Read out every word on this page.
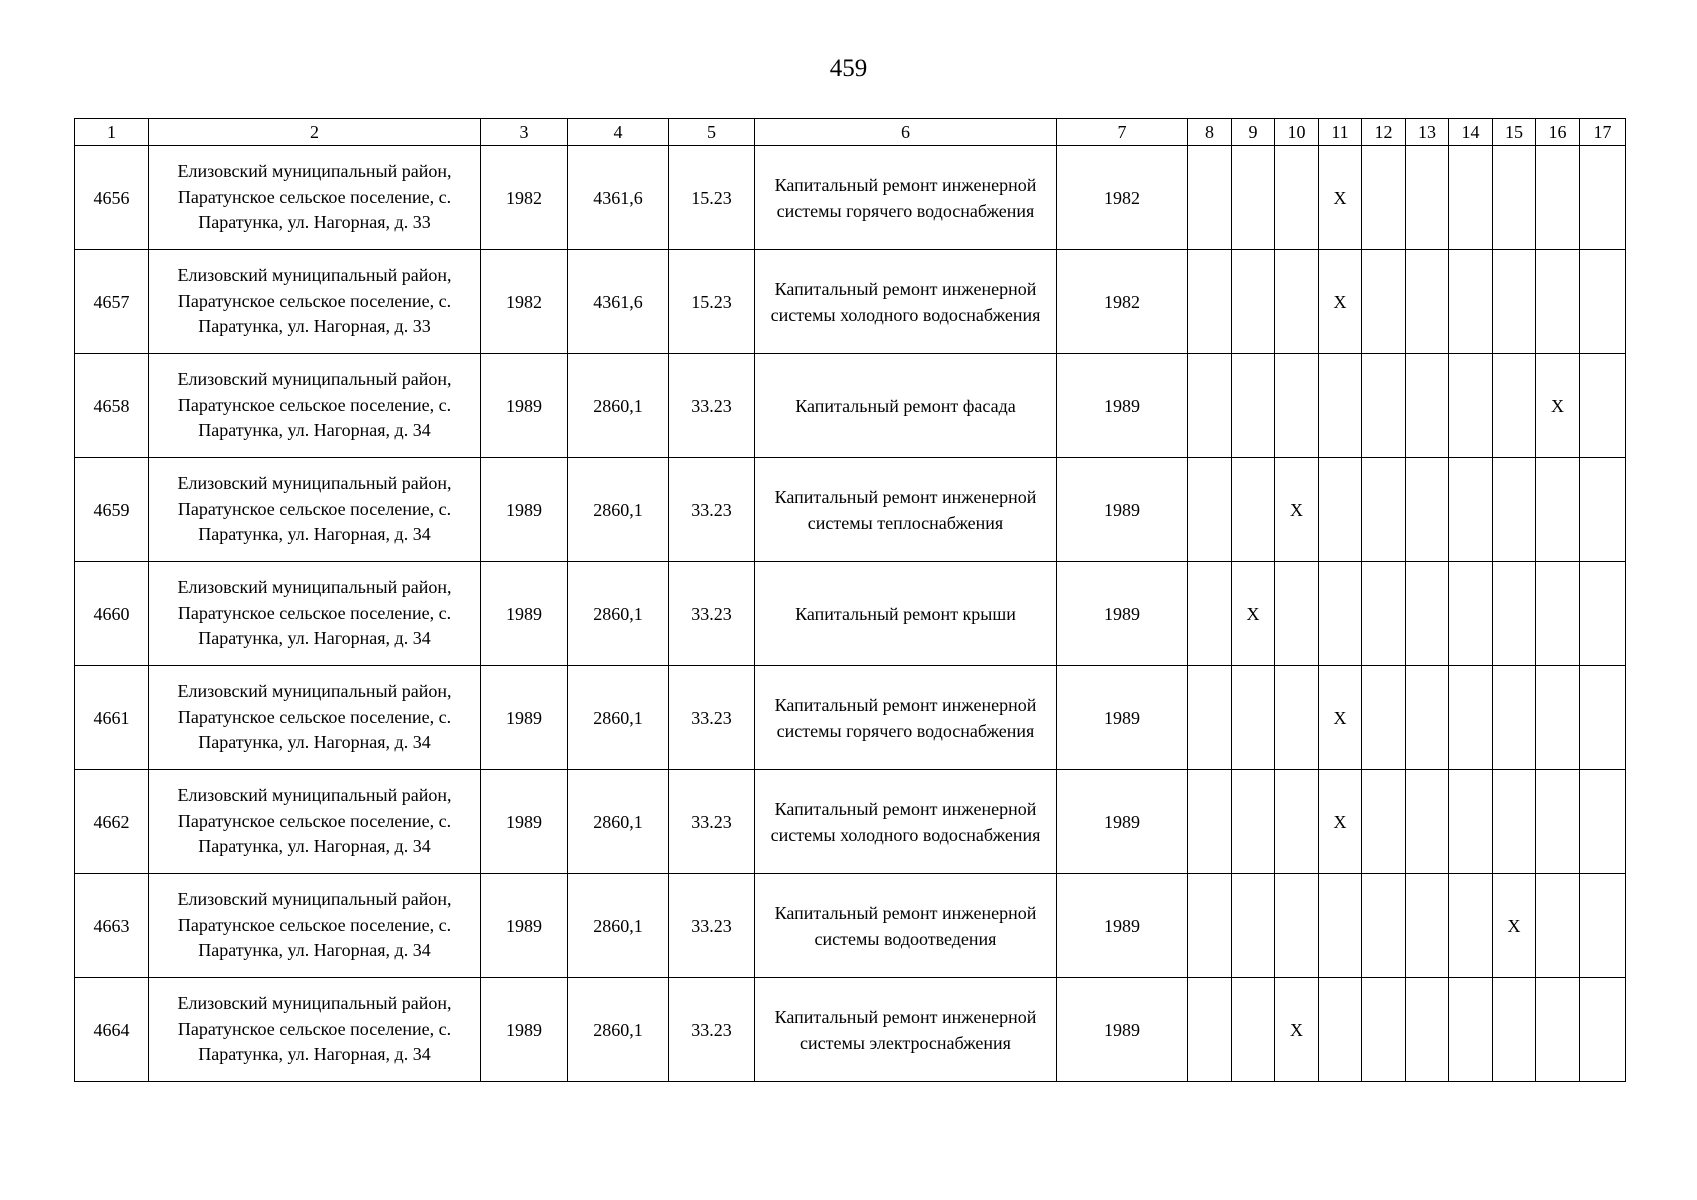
459
1	2	3	4	5	6	7	8	9	10	11	12	13	14	15	16	17
4656	Елизовский муниципальный район, Паратунское сельское поселение, с. Паратунка, ул. Нагорная, д. 33	1982	4361,6	15.23	Капитальный ремонт инженерной системы горячего водоснабжения	1982				Х						
4657	Елизовский муниципальный район, Паратунское сельское поселение, с. Паратунка, ул. Нагорная, д. 33	1982	4361,6	15.23	Капитальный ремонт инженерной системы холодного водоснабжения	1982				Х						
4658	Елизовский муниципальный район, Паратунское сельское поселение, с. Паратунка, ул. Нагорная, д. 34	1989	2860,1	33.23	Капитальный ремонт фасада	1989									Х	
4659	Елизовский муниципальный район, Паратунское сельское поселение, с. Паратунка, ул. Нагорная, д. 34	1989	2860,1	33.23	Капитальный ремонт инженерной системы теплоснабжения	1989			Х							
4660	Елизовский муниципальный район, Паратунское сельское поселение, с. Паратунка, ул. Нагорная, д. 34	1989	2860,1	33.23	Капитальный ремонт крыши	1989		Х								
4661	Елизовский муниципальный район, Паратунское сельское поселение, с. Паратунка, ул. Нагорная, д. 34	1989	2860,1	33.23	Капитальный ремонт инженерной системы горячего водоснабжения	1989				Х						
4662	Елизовский муниципальный район, Паратунское сельское поселение, с. Паратунка, ул. Нагорная, д. 34	1989	2860,1	33.23	Капитальный ремонт инженерной системы холодного водоснабжения	1989				Х						
4663	Елизовский муниципальный район, Паратунское сельское поселение, с. Паратунка, ул. Нагорная, д. 34	1989	2860,1	33.23	Капитальный ремонт инженерной системы водоотведения	1989								Х		
4664	Елизовский муниципальный район, Паратунское сельское поселение, с. Паратунка, ул. Нагорная, д. 34	1989	2860,1	33.23	Капитальный ремонт инженерной системы электроснабжения	1989			Х							
